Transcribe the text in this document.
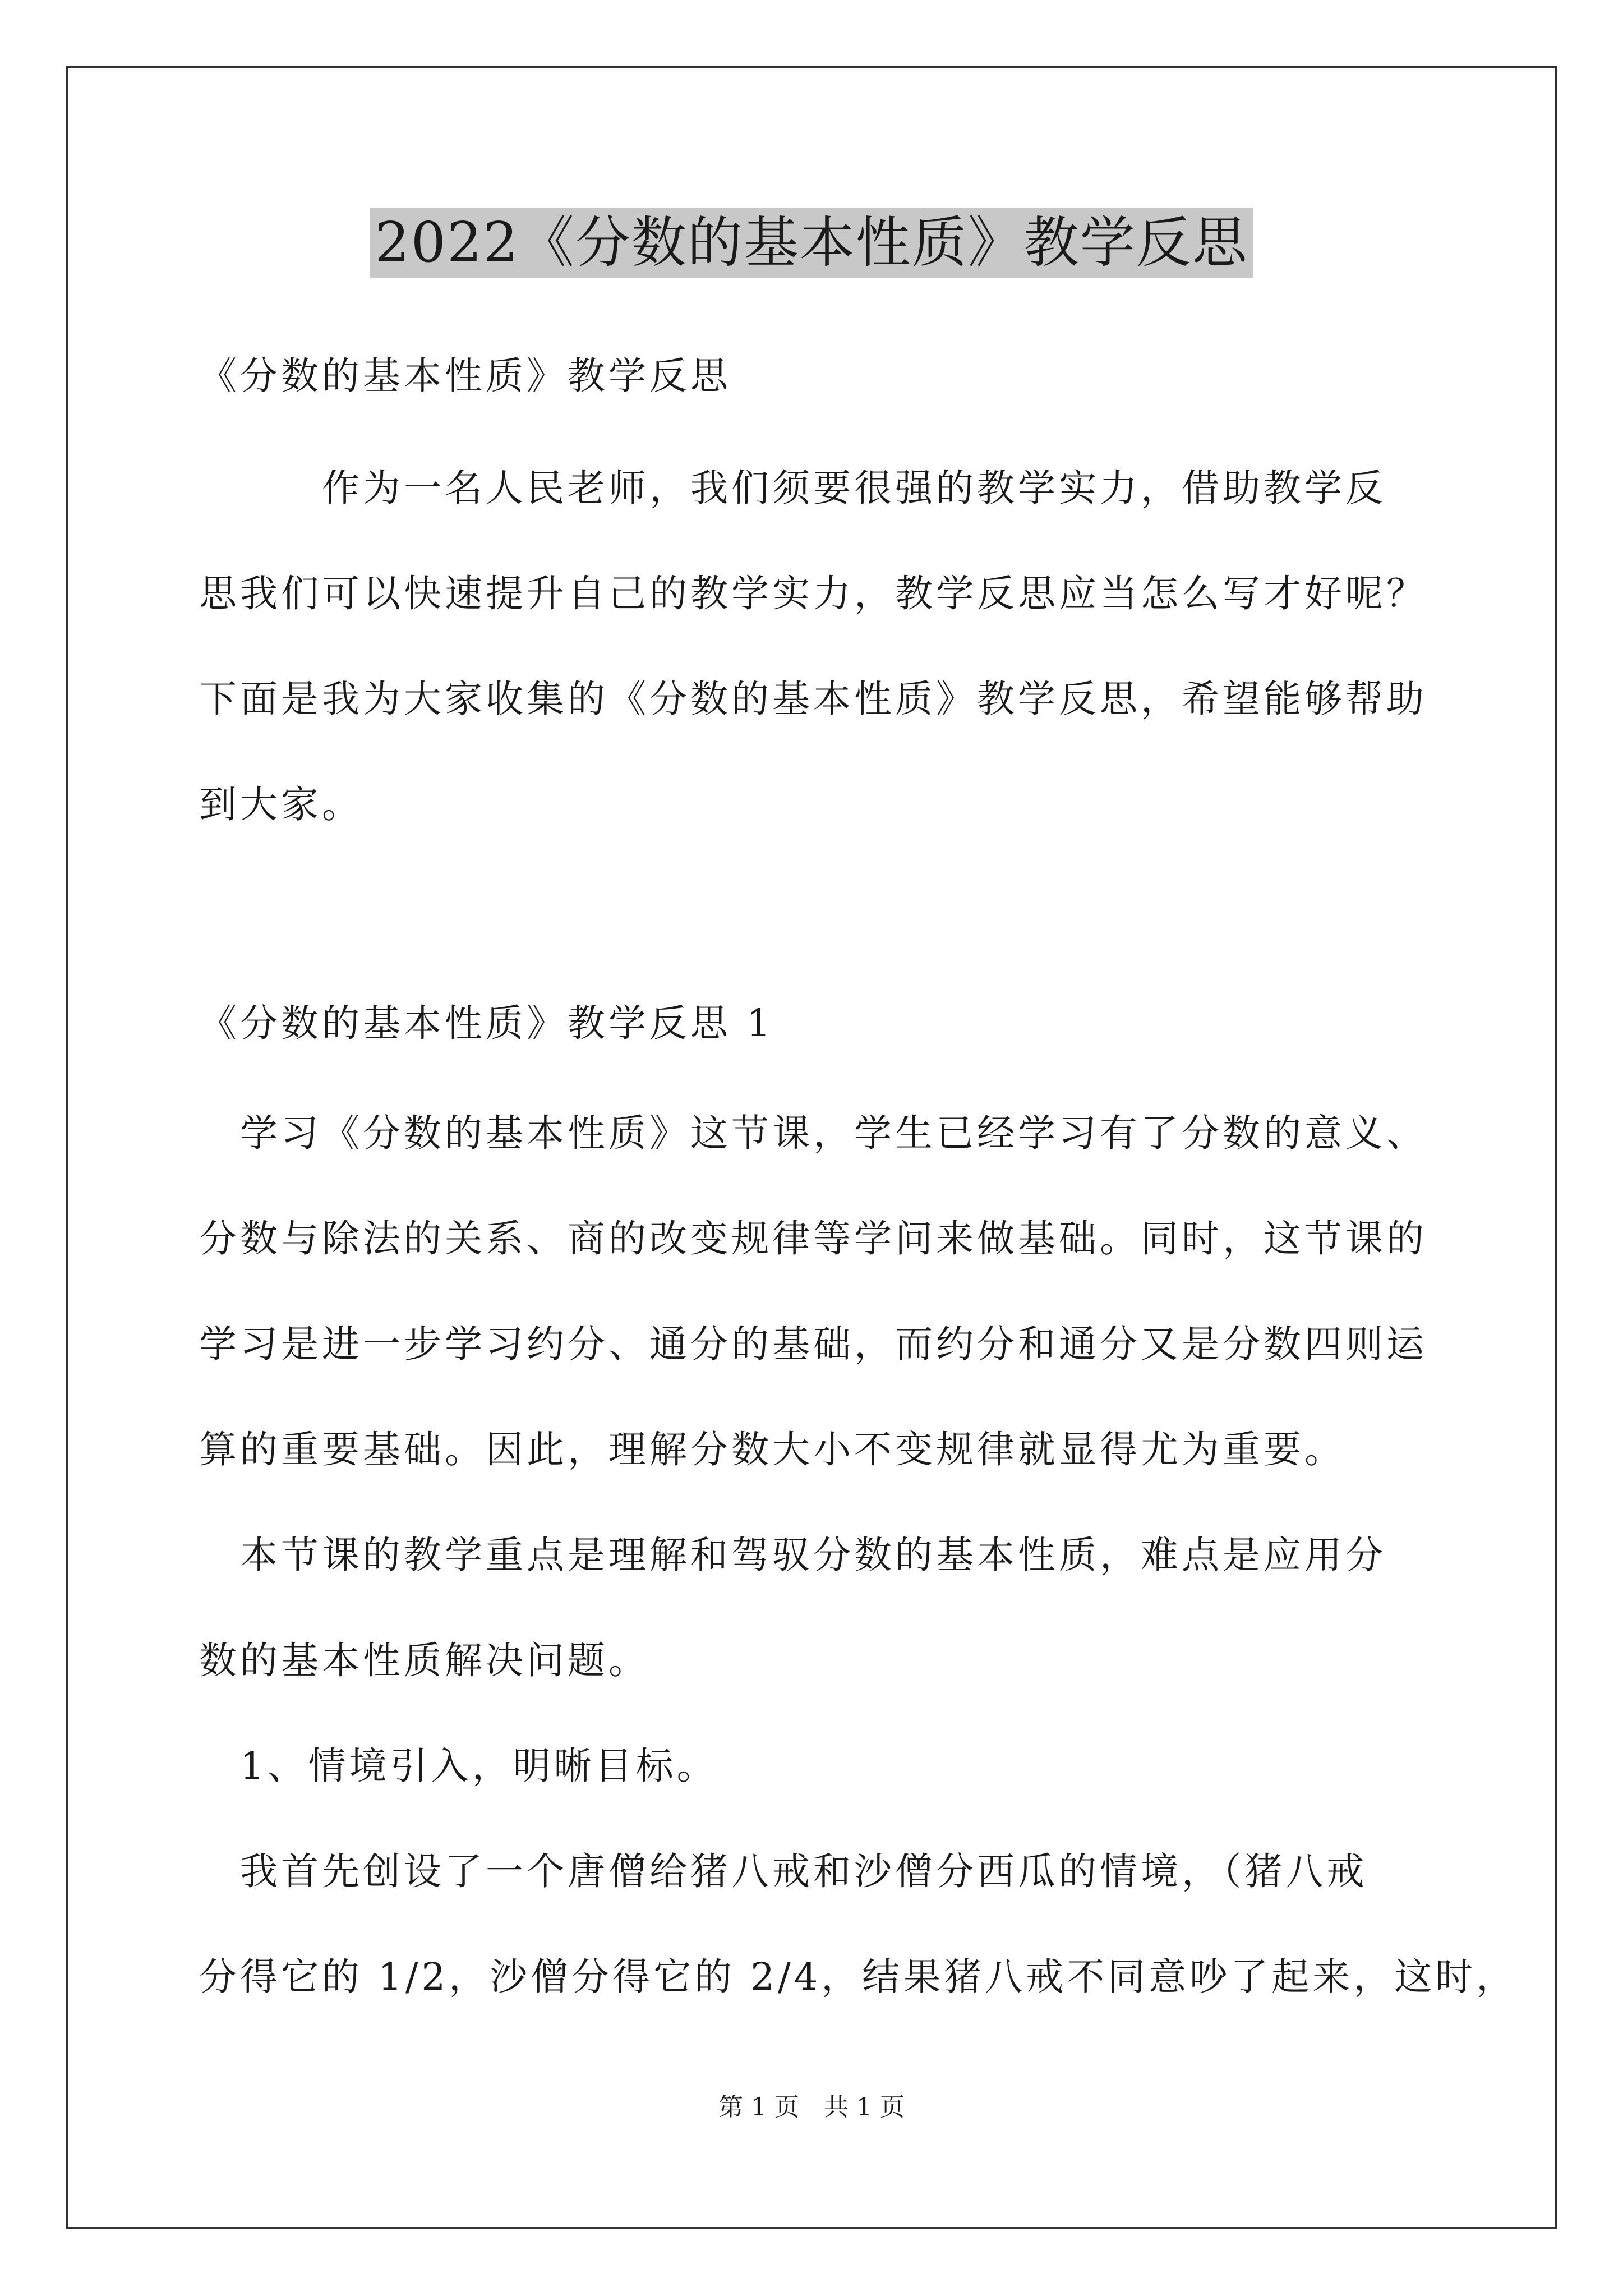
2022《分数的基本性质》教学反思
《分数的基本性质》教学反思
　　　作为一名人民老师，我们须要很强的教学实力，借助教学反
思我们可以快速提升自己的教学实力，教学反思应当怎么写才好呢？
下面是我为大家收集的《分数的基本性质》教学反思，希望能够帮助
到大家。
《分数的基本性质》教学反思 1
　学习《分数的基本性质》这节课，学生已经学习有了分数的意义、
分数与除法的关系、商的改变规律等学问来做基础。同时，这节课的
学习是进一步学习约分、通分的基础，而约分和通分又是分数四则运
算的重要基础。因此，理解分数大小不变规律就显得尤为重要。
　本节课的教学重点是理解和驾驭分数的基本性质，难点是应用分
数的基本性质解决问题。
　1、情境引入，明晰目标。
　我首先创设了一个唐僧给猪八戒和沙僧分西瓜的情境，（猪八戒
分得它的 1/2，沙僧分得它的 2/4，结果猪八戒不同意吵了起来，这时，
第 1 页　共 1 页
